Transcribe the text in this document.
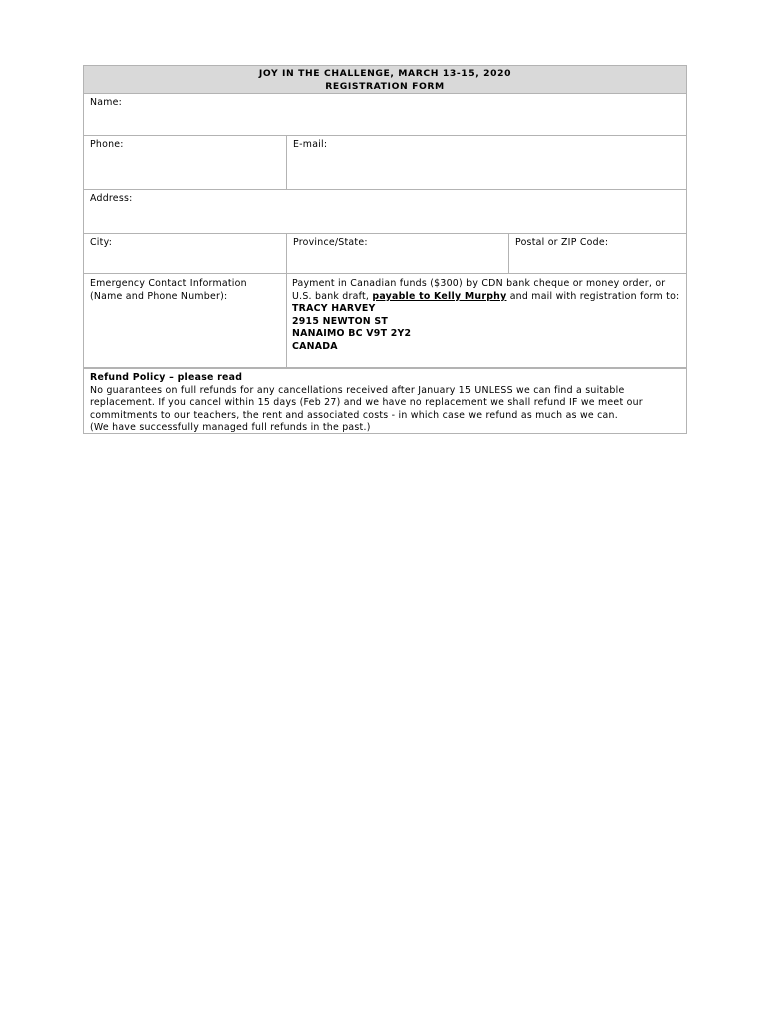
JOY IN THE CHALLENGE, MARCH 13-15, 2020
REGISTRATION FORM
Name:
Phone:	E-mail:
Address:
City:	Province/State:	Postal or ZIP Code:
Emergency Contact Information
(Name and Phone Number):
Payment in Canadian funds ($300) by CDN bank cheque or money order, or U.S. bank draft, payable to Kelly Murphy and mail with registration form to:
TRACY HARVEY
2915 NEWTON ST
NANAIMO BC V9T 2Y2
CANADA
Refund Policy – please read
No guarantees on full refunds for any cancellations received after January 15 UNLESS we can find a suitable replacement. If you cancel within 15 days (Feb 27) and we have no replacement we shall refund IF we meet our commitments to our teachers, the rent and associated costs - in which case we refund as much as we can.
(We have successfully managed full refunds in the past.)
